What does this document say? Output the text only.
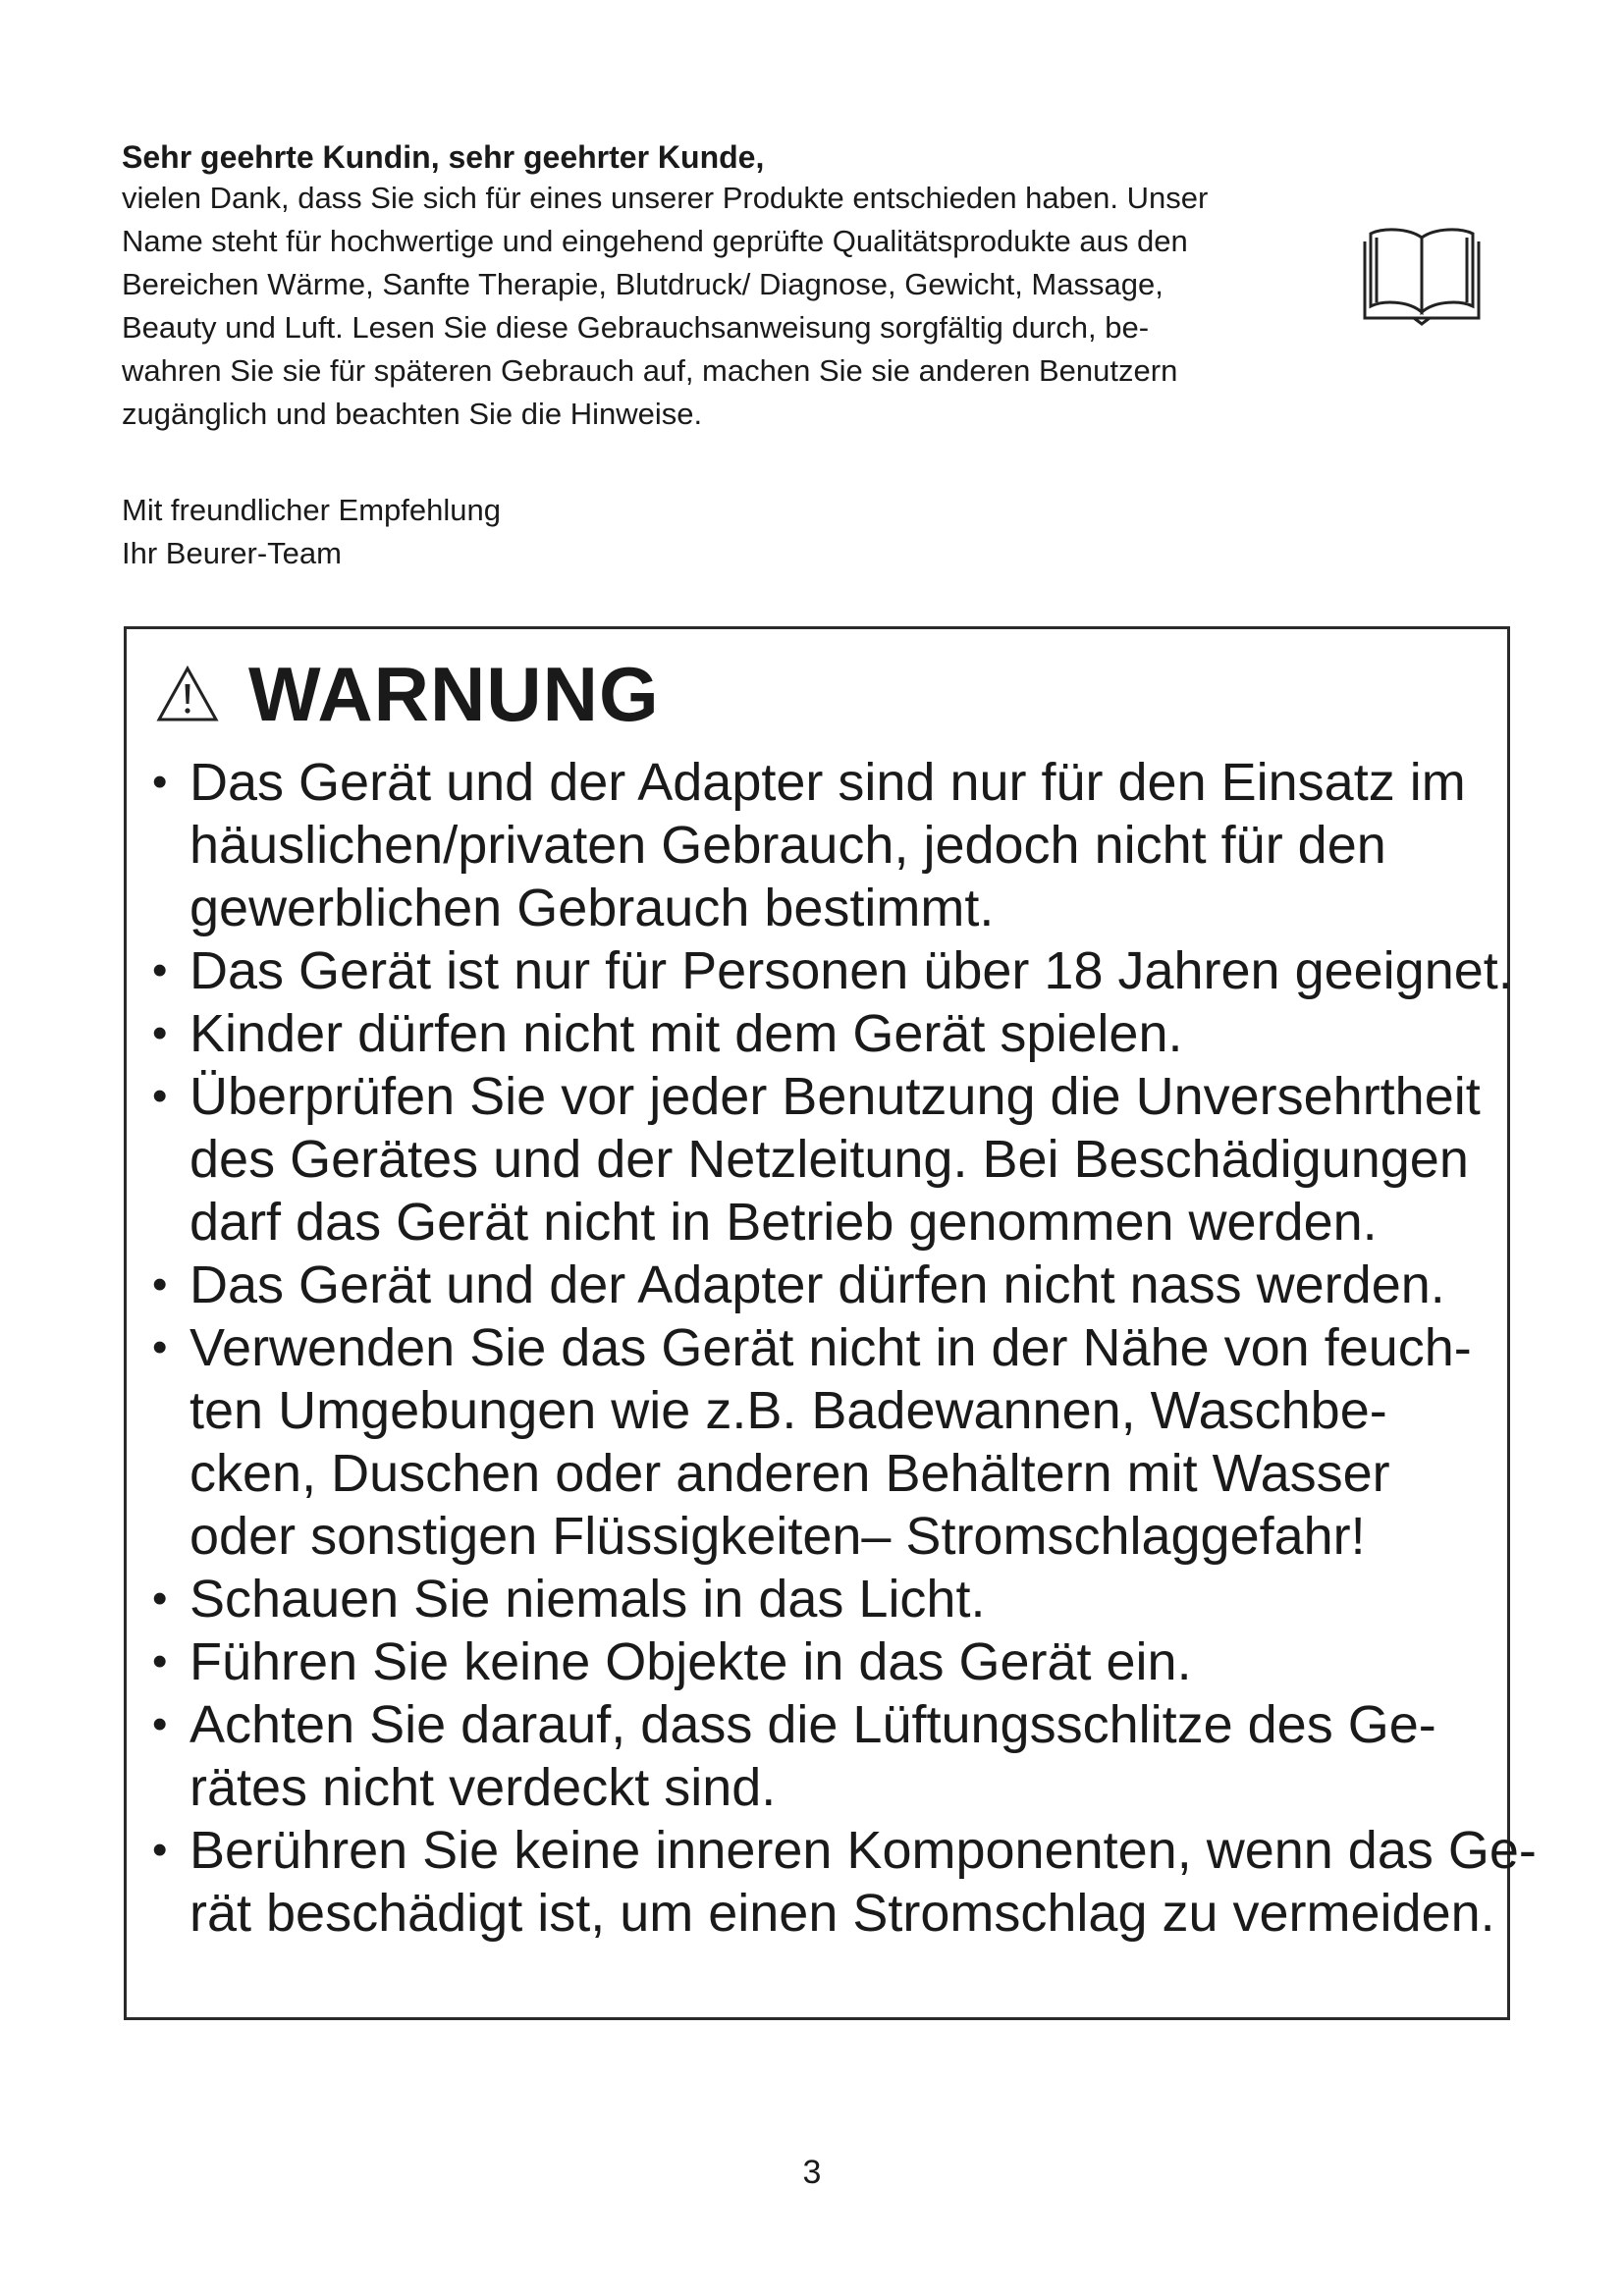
Sehr geehrte Kundin, sehr geehrter Kunde,

vielen Dank, dass Sie sich für eines unserer Produkte entschieden haben. Unser
Name steht für hochwertige und eingehend geprüfte Qualitätsprodukte aus den
Bereichen Wärme, Sanfte Therapie, Blutdruck/ Diagnose, Gewicht, Massage,
Beauty und Luft. Lesen Sie diese Gebrauchsanweisung sorgfältig durch, be-
wahren Sie sie für späteren Gebrauch auf, machen Sie sie anderen Benutzern
zugänglich und beachten Sie die Hinweise.

Mit freundlicher Empfehlung
Ihr Beurer-Team
WARNUNG
• Das Gerät und der Adapter sind nur für den Einsatz im
häuslichen/privaten Gebrauch, jedoch nicht für den
gewerblichen Gebrauch bestimmt.
• Das Gerät ist nur für Personen über 18 Jahren geeignet.
• Kinder dürfen nicht mit dem Gerät spielen.
• Überprüfen Sie vor jeder Benutzung die Unversehrtheit
des Gerätes und der Netzleitung. Bei Beschädigungen
darf das Gerät nicht in Betrieb genommen werden.
• Das Gerät und der Adapter dürfen nicht nass werden.
• Verwenden Sie das Gerät nicht in der Nähe von feuch-
ten Umgebungen wie z.B. Badewannen, Waschbe-
cken, Duschen oder anderen Behältern mit Wasser
oder sonstigen Flüssigkeiten– Stromschlaggefahr!
• Schauen Sie niemals in das Licht.
• Führen Sie keine Objekte in das Gerät ein.
• Achten Sie darauf, dass die Lüftungsschlitze des Ge-
rätes nicht verdeckt sind.
• Berühren Sie keine inneren Komponenten, wenn das Ge-
rät beschädigt ist, um einen Stromschlag zu vermeiden.
3
